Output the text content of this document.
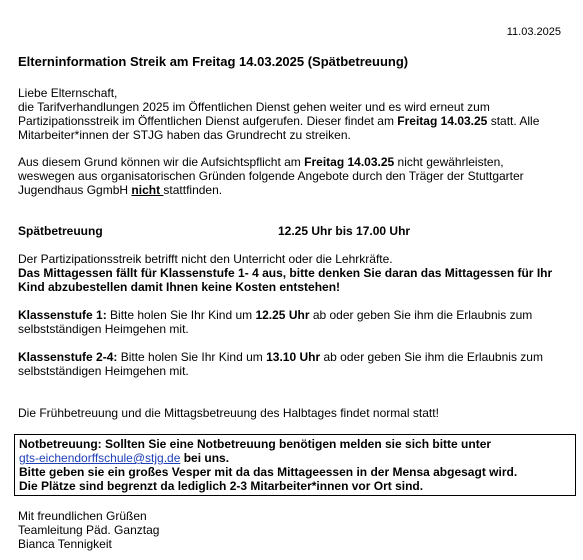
11.03.2025
Elterninformation Streik am Freitag 14.03.2025 (Spätbetreuung)
Liebe Elternschaft,
die Tarifverhandlungen 2025 im Öffentlichen Dienst gehen weiter und es wird erneut zum
Partizipationsstreik im Öffentlichen Dienst aufgerufen. Dieser findet am Freitag 14.03.25 statt. Alle
Mitarbeiter*innen der STJG haben das Grundrecht zu streiken.
Aus diesem Grund können wir die Aufsichtspflicht am Freitag 14.03.25 nicht gewährleisten,
weswegen aus organisatorischen Gründen folgende Angebote durch den Träger der Stuttgarter
Jugendhaus GgmbH nicht stattfinden.
Spätbetreuung	12.25 Uhr bis 17.00 Uhr
Der Partizipationsstreik betrifft nicht den Unterricht oder die Lehrkräfte.
Das Mittagessen fällt für Klassenstufe 1- 4 aus, bitte denken Sie daran das Mittagessen für Ihr
Kind abzubestellen damit Ihnen keine Kosten entstehen!
Klassenstufe 1: Bitte holen Sie Ihr Kind um 12.25 Uhr ab oder geben Sie ihm die Erlaubnis zum
selbstständigen Heimgehen mit.
Klassenstufe 2-4: Bitte holen Sie Ihr Kind um 13.10 Uhr ab oder geben Sie ihm die Erlaubnis zum
selbstständigen Heimgehen mit.
Die Frühbetreuung und die Mittagsbetreuung des Halbtages findet normal statt!
Notbetreuung: Sollten Sie eine Notbetreuung benötigen melden sie sich bitte unter
gts-eichendorffschule@stjg.de bei uns.
Bitte geben sie ein großes Vesper mit da das Mittageessen in der Mensa abgesagt wird.
Die Plätze sind begrenzt da lediglich 2-3 Mitarbeiter*innen vor Ort sind.
Mit freundlichen Grüßen
Teamleitung Päd. Ganztag
Bianca Tennigkeit
